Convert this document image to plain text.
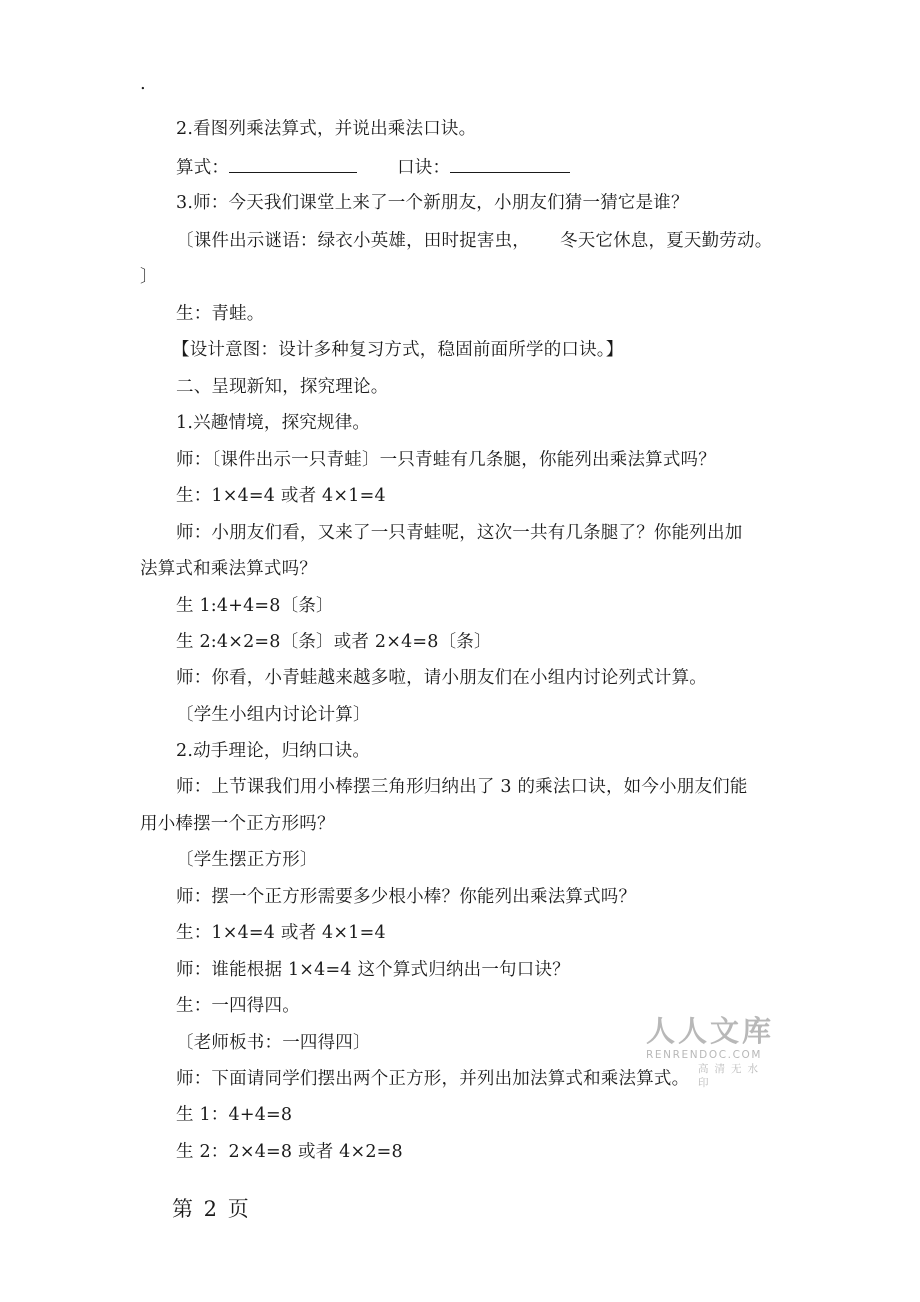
.
2.看图列乘法算式，并说出乘法口诀。
算式：	口诀：
3.师：今天我们课堂上来了一个新朋友，小朋友们猜一猜它是谁？
〔课件出示谜语：绿衣小英雄，田时捉害虫， 冬天它休息，夏天勤劳动。
〕
生：青蛙。
【设计意图：设计多种复习方式，稳固前面所学的口诀。】
二、呈现新知，探究理论。
1.兴趣情境，探究规律。
师：〔课件出示一只青蛙〕一只青蛙有几条腿，你能列出乘法算式吗？
生：1×4=4 或者 4×1=4
师：小朋友们看，又来了一只青蛙呢，这次一共有几条腿了？你能列出加
法算式和乘法算式吗？
生 1:4+4=8〔条〕
生 2:4×2=8〔条〕或者 2×4=8〔条〕
师：你看，小青蛙越来越多啦，请小朋友们在小组内讨论列式计算。
〔学生小组内讨论计算〕
2.动手理论，归纳口诀。
师：上节课我们用小棒摆三角形归纳出了 3 的乘法口诀，如今小朋友们能
用小棒摆一个正方形吗？
〔学生摆正方形〕
师：摆一个正方形需要多少根小棒？你能列出乘法算式吗？
生：1×4=4 或者 4×1=4
师：谁能根据 1×4=4 这个算式归纳出一句口诀？
生：一四得四。
〔老师板书：一四得四〕
师：下面请同学们摆出两个正方形，并列出加法算式和乘法算式。
生 1：4+4=8
生 2：2×4=8 或者 4×2=8
第 2 页
人人文库
RENRENDOC.COM
高清无水印
